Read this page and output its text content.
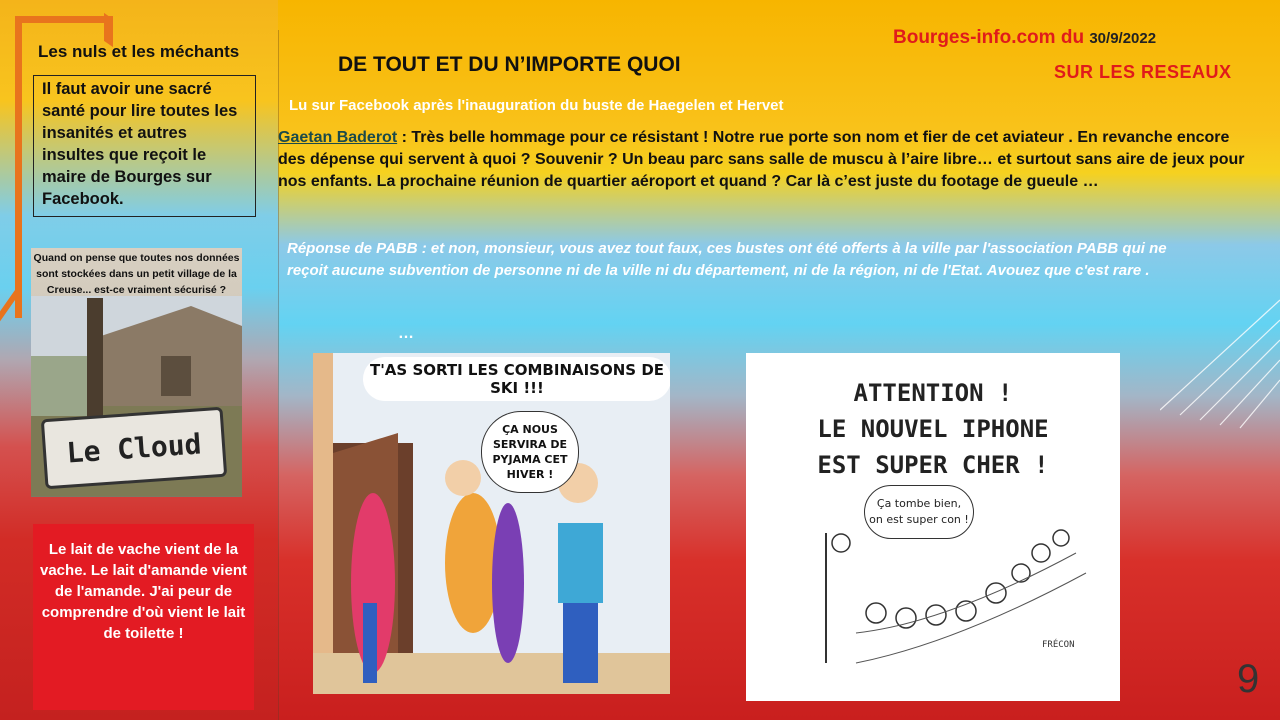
Les nuls et les méchants
Il faut avoir une sacré santé pour lire toutes les insanités et autres insultes que reçoit le maire de Bourges sur Facebook.
Quand on pense que toutes nos données sont stockées dans un petit village de la Creuse... est-ce vraiment sécurisé ?
Le Cloud
Le lait de vache vient de la vache. Le lait d'amande vient de l'amande. J'ai peur de comprendre d'où vient le lait de toilette !
DE TOUT ET DU N’IMPORTE QUOI
Bourges-info.com du 30/9/2022
SUR LES RESEAUX
Lu sur Facebook après l'inauguration du buste de Haegelen et Hervet
Gaetan Baderot : Très belle hommage pour ce résistant ! Notre rue porte son nom et fier de cet aviateur . En revanche encore des dépense qui servent à quoi ? Souvenir ? Un beau parc sans salle de muscu à l’aire libre… et surtout sans aire de jeux pour nos enfants. La prochaine réunion de quartier aéroport et quand ? Car là c’est juste du footage de gueule …
Réponse de PABB : et non, monsieur, vous avez tout faux, ces bustes ont été offerts à la ville par l'association PABB qui ne reçoit aucune subvention de personne ni de la ville ni du département, ni de la région, ni de l'Etat. Avouez que c'est rare .
…
T'AS SORTI LES COMBINAISONS DE SKI !!!
ÇA NOUS SERVIRA DE PYJAMA CET HIVER !
ATTENTION !
LE NOUVEL IPHONE
EST SUPER CHER !
Ça tombe bien, on est super con !
FRÉCON
9
